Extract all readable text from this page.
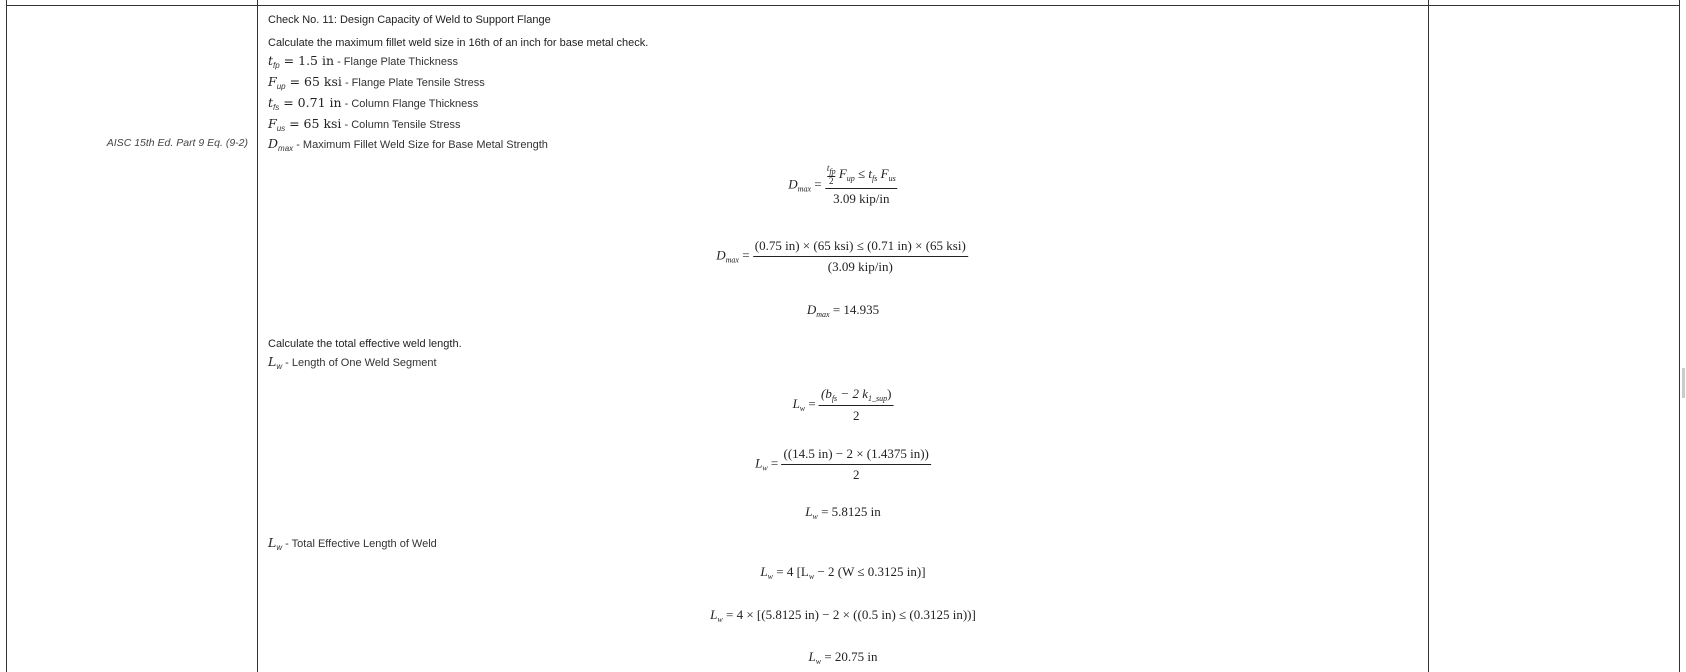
AISC 15th Ed. Part 9 Eq. (9-2)
Check No. 11: Design Capacity of Weld to Support Flange
Calculate the maximum fillet weld size in 16th of an inch for base metal check.
$t_{fp} = 1.5$ in - Flange Plate Thickness
$F_{up} = 65$ ksi - Flange Plate Tensile Stress
$t_{fs} = 0.71$ in - Column Flange Thickness
$F_{us} = 65$ ksi - Column Tensile Stress
$D_{max}$ - Maximum Fillet Weld Size for Base Metal Strength
$D_{max} = \frac{\frac{t_{fp}}{2} F_{up} \le t_{fs} F_{us}}{\text{3.09 kip/in}}$
$D_{max} = \frac{\text{(0.75 in) × (65 ksi) ≤ (0.71 in) × (65 ksi)}}{\text{(3.09 kip/in)}}$
$D_{max} = 14.935$
Calculate the total effective weld length.
$L_w$ - Length of One Weld Segment
$L_w = \frac{(b_{fs} - 2 k_{1\_sup})}{2}$
$L_w = \frac{((14.5 in) - 2 \times (1.4375 in))}{2}$
$L_w = 5.8125$ in
$L_w$ - Total Effective Length of Weld
$L_w = 4$ [$L_w - 2$ (W ≤ 0.3125 in)]
$L_w = 4 \times [(5.8125$ in) − 2 × ((0.5 in) ≤ (0.3125 in))]
$L_w = 20.75$ in
